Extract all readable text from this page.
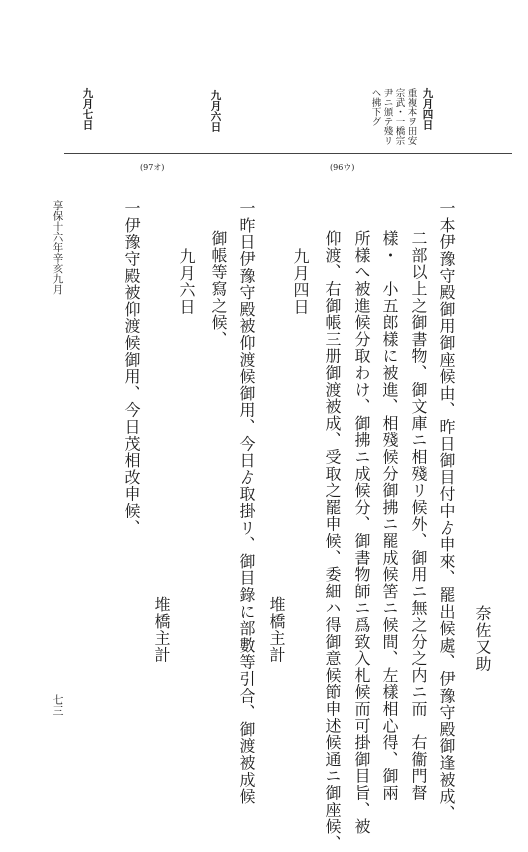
九月四日
重複本ヲ田安
宗武・一橋宗
尹ニ頒テ殘リ
ヘ拂下グ
九月六日
九月七日
(96ウ)
(97オ)
奈佐又助
一本伊豫守殿御用御座候由、昨日御目付中ゟ申來、罷出候處、伊豫守殿御逢被成、
二部以上之御書物、御文庫ニ相殘リ候外、御用ニ無之分之内ニ而　右衞門督
樣・　小五郎樣に被進、相殘候分御拂ニ罷成候筈ニ候間、左樣相心得、御兩
所樣へ被進候分取わけ、御拂ニ成候分、御書物師ニ爲致入札候而可掛御目旨、被
仰渡、右御帳三册御渡被成、受取之罷申候、委細ハ得御意候節申述候通ニ御座候、
九月四日
堆橋主計
一昨日伊豫守殿被仰渡候御用、今日ゟ取掛リ、御目錄に部數等引合、御渡被成候
御帳等寫之候、
九月六日
堆橋主計
一伊豫守殿被仰渡候御用、今日茂相改申候、
享保十六年辛亥九月
七三
